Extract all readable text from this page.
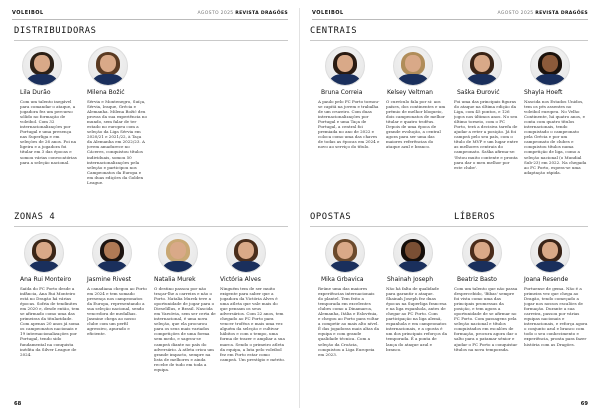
VOLEIBOL	AGOSTO 2025 REVISTA DRAGÕES
DISTRIBUIDORAS
Lila Durão
Com um talento inegável para comandar o ataque, a jogadora fez um percurso sólido no formação de voleibol. Com 32 internacionalizações por Portugal e uma presença nas Superliga e em seleções de 26 anos. Foi na ligeira e a jogadora foi titular em 3 das épocas e somou várias convocatórias para a seleção nacional.
Milena Božić
Sérvia e Montenegro, Suíça, Sérvia, Iraque, Grécia e Alemanha. Milena Božić deu provas da sua experiência no mundo, sem falar de ter estado no europeu com a seleção da Liga Sérvia em 2020/21 e 2021/22, à Taça da Alemanha em 2022/23. A jovem amadurece no Cáceres, conquistou títulos individuais, somou 50 internacionalizações pela seleção e participou nos Campeonatos da Europa e em duas edições da Golden League.
ZONAS 4
Ana Rui Monteiro
Saída do FC Porto desde a infância, Ana Rui Monteiro está no Dragão há várias épocas. Sofria de tendinites em 2020 e, desde então, tem se afirmado como uma das primeiras da titularidade. Com apenas 20 anos já soma os campeonatos nacionais e 19 internacionalizações por Portugal, tendo sido fundamental na conquista inédita da Silver League de 2024.
Jasmine Rivest
A canadiana chegou ao Porto em 2024 e tem somado presença nos campeonatos da Europa, representando a sua seleção nacional, sendo vencedora de medalhas. Jasmine chega ao nosso clube com um perfil agressivo, apurado e eficiente.
Natalia Murek
O destino passou por não traçar-lhe a carreira e não o Porto. Natalia Murek teve a oportunidade de jogar para o Dieselillus, e Brasil. Nascida em Varsóvia, sem ser certa de internacional, é uma nova seleção, que ela procurou para os seus mais variados competições de uma forma sem medo, e sagrou-se campeã diante no país do adversário. A atleta criou um grande impacto, sempre na lista de melhores e ainda recebe de tudo em toda a equipa.
Victória Alves
Ninguém tem de ser muito exigente para saber que a jogadora da Victória Alves é uma atleta que vale mais do que pensam os seus adversários. Com 22 anos, tem chegado ao FC Porto para vencer troféus e mais uma vez alguém da seleção e cultivar hábitos e com o tempo, uma forma de trazer e ampliar a sua marca. Sendo o primeiro atleta da equipa, a luta pelo voleibol fez em Porto estar como campeã. Um prestígio e mérito.
68
VOLEIBOL	AGOSTO 2025 REVISTA DRAGÕES
CENTRAIS
Bruna Correia
A paulo pelo FC Porto tornou-se capitã na jovem e trabalha de um cruzeiro. Com duas internacionalizações por Portugal e uma Taça de Portugal, a central foi premiada no ano de 2022 e coloca como uma das chaves de todas as épocas em 2024 e novo ao serviço do título.
Kelsey Veltman
O currículo fala por si: aos países, dos continentes e um prémio de melhor bloqueio, dois campeonatos de melhor titular e quatro troféus. Depois de uma época de grande evolução, a central agora para ser uma das maiores referências do ataque azul e branco.
Saška Đurović
Foi uma das principais figuras do ataque na última edição da Liga, com 45 pontos, e 126 jogos nos últimos anos. No seu último torneio, com o FC Porto, terá a decisiva tarefa de ajudar a reter a posição. Já foi campeã pelo seu país, com o título de MVP e um lugar entre as melhores centrais do campeonato. Saška afirma-se: 'Estou muito contente e pronta para dar o meu melhor por este clube'.
Shayla Hoeft
Nascida nos Estados Unidos, tem os pés assentes no voleibol europeu. No Velho Continente, há quatro anos, e conta com quatro títulos internacionais, tendo conquistado o campeonato pela Grécia e por um campeonato de clubes e conquistou títulos numa competição de liga, como a seleção nacional (o Mundial Sub-23) em 2022. Na chegada ao FC Porto, espera-se uma adaptação rápida.
OPOSTAS	LÍBEROS
Mika Grbavica
Reúne uma das maiores experiências internacionais do plantel. Tem feito a temporada em excelentes clubes como a Dinamarca, Alemanha, Itália e Eslovénia, e chegou ao Porto para voltar a competir ao mais alto nível. É das jogadoras mais altas da equipa e com grande qualidade técnica. Com a seleção da Croácia, conquistou a Liga Europeia em 2023.
Shainah Joseph
Não há falta de qualidade para garantir o ataque. Shainah Joseph fez duas épocas na Superliga francesa e na liga espanhola, antes de chegar ao FC Porto. Com participação na liga alemã, espanhola e em campeonatos internacionais, e a oposta é um dos principais reforços da temporada. É a ponta de lança do ataque azul e branco.
Beatriz Basto
Com um talento que não passa despercebido, 'Bibas' sempre foi vista como uma das principais promessas da posição, e tem agora a oportunidade de se afirmar no FC Porto. Com passagens pela seleção nacional e títulos conquistados em escalões de formação, procura agora dar o salto para o patamar sénior e ajudar o FC Porto a conquistar títulos na nova temporada.
Joana Resende
Portuense de gema. Não é a primeira vez que chega ao Dragão, tendo começado a jogar nos nossos escalões de formação. Durante a sua carreira, passou por várias equipas nacionais e internacionais, e reforça agora o conjunto azul e branco com todo o seu conhecimento e experiência, pronta para fazer história com as Dragões.
69
